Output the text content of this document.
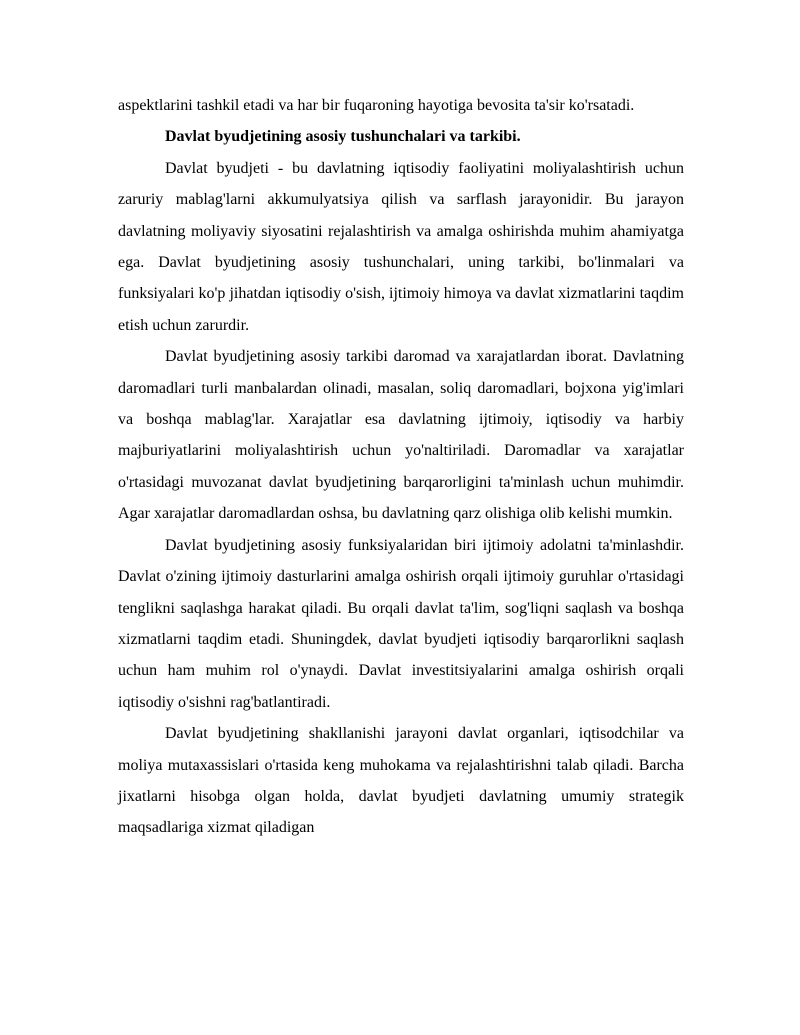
aspektlarini tashkil etadi va har bir fuqaroning hayotiga bevosita ta'sir ko'rsatadi.

Davlat byudjetining asosiy tushunchalari va tarkibi.

Davlat byudjeti - bu davlatning iqtisodiy faoliyatini moliyalashtirish uchun zaruriy mablag'larni akkumulyatsiya qilish va sarflash jarayonidir. Bu jarayon davlatning moliyaviy siyosatini rejalashtirish va amalga oshirishda muhim ahamiyatga ega. Davlat byudjetining asosiy tushunchalari, uning tarkibi, bo'linmalari va funksiyalari ko'p jihatdan iqtisodiy o'sish, ijtimoiy himoya va davlat xizmatlarini taqdim etish uchun zarurdir.

Davlat byudjetining asosiy tarkibi daromad va xarajatlardan iborat. Davlatning daromadlari turli manbalardan olinadi, masalan, soliq daromadlari, bojxona yig'imlari va boshqa mablag'lar. Xarajatlar esa davlatning ijtimoiy, iqtisodiy va harbiy majburiyatlarini moliyalashtirish uchun yo'naltiriladi. Daromadlar va xarajatlar o'rtasidagi muvozanat davlat byudjetining barqarorligini ta'minlash uchun muhimdir. Agar xarajatlar daromadlardan oshsa, bu davlatning qarz olishiga olib kelishi mumkin.

Davlat byudjetining asosiy funksiyalaridan biri ijtimoiy adolatni ta'minlashdir. Davlat o'zining ijtimoiy dasturlarini amalga oshirish orqali ijtimoiy guruhlar o'rtasidagi tenglikni saqlashga harakat qiladi. Bu orqali davlat ta'lim, sog'liqni saqlash va boshqa xizmatlarni taqdim etadi. Shuningdek, davlat byudjeti iqtisodiy barqarorlikni saqlash uchun ham muhim rol o'ynaydi. Davlat investitsiyalarini amalga oshirish orqali iqtisodiy o'sishni rag'batlantiradi.

Davlat byudjetining shakllanishi jarayoni davlat organlari, iqtisodchilar va moliya mutaxassislari o'rtasida keng muhokama va rejalashtirishni talab qiladi. Barcha jixatlarni hisobga olgan holda, davlat byudjeti davlatning umumiy strategik maqsadlariga xizmat qiladigan
